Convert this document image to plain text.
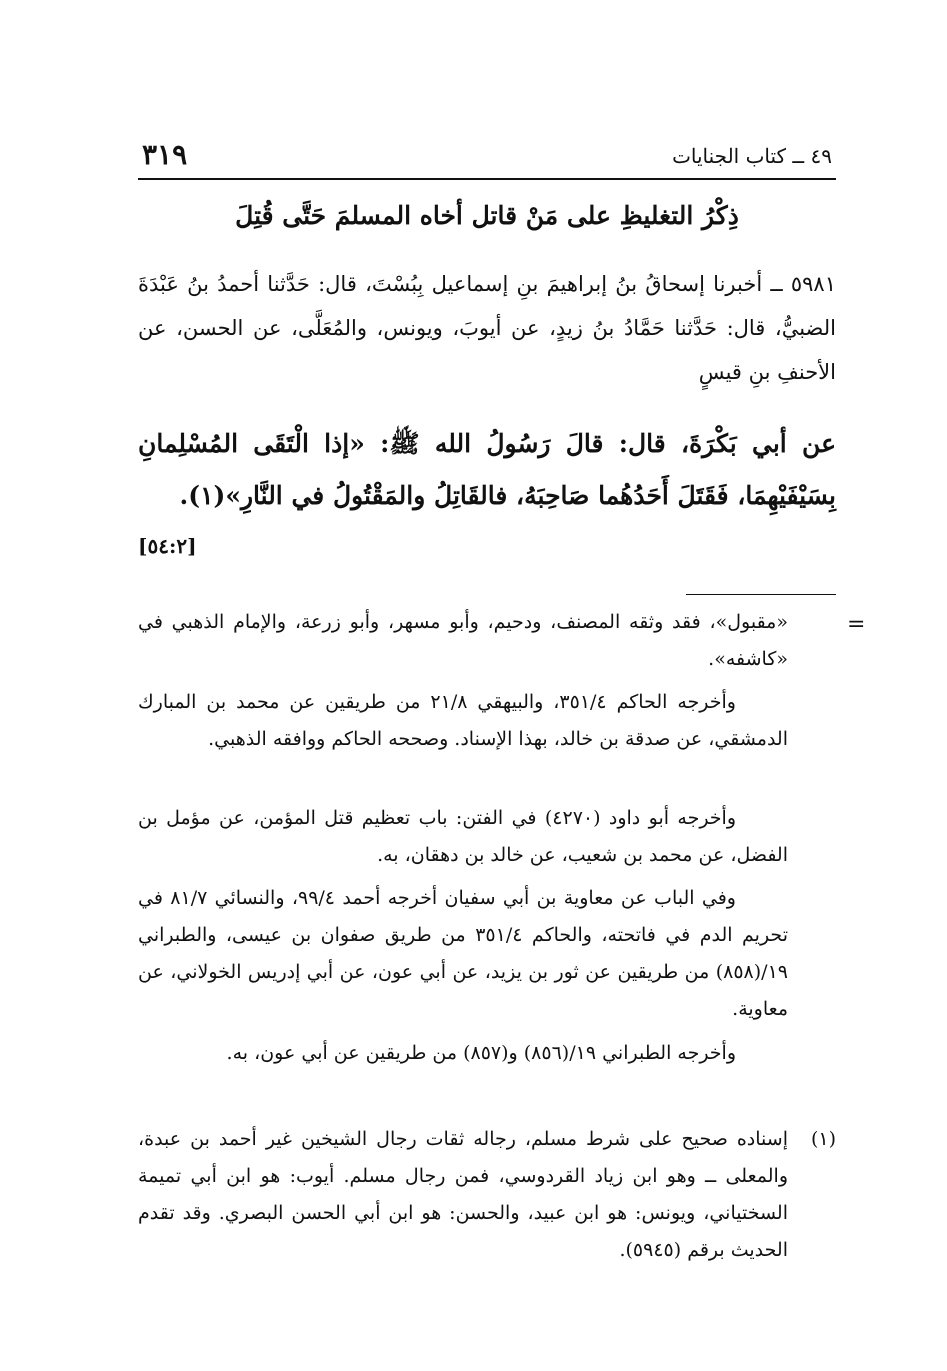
٣١٩	٤٩ ــ كتاب الجنايات
ذِكْرُ التغليظِ على مَنْ قاتل أخاه المسلمَ حَتَّى قُتِلَ
٥٩٨١ ــ أخبرنا إسحاقُ بنُ إبراهيمَ بنِ إسماعيل بِبُسْتَ، قال: حَدَّثنا أحمدُ بنُ عَبْدَةَ الضبيُّ، قال: حَدَّثنا حَمَّادُ بنُ زيدٍ، عن أيوبَ، ويونس، والمُعَلَّى، عن الحسن، عن الأحنفِ بنِ قيسٍ
عن أبي بَكْرَةَ، قال: قالَ رَسُولُ الله ﷺ: «إذا الْتَقَى المُسْلِمانِ بِسَيْفَيْهِمَا، فَقَتَلَ أَحَدُهُما صَاحِبَهُ، فالقَاتِلُ والمَقْتُولُ في النَّارِ»(١).
[٥٤:٢]
=
«مقبول»، فقد وثقه المصنف، ودحيم، وأبو مسهر، وأبو زرعة، والإمام الذهبي في «كاشفه».
وأخرجه الحاكم ٣٥١/٤، والبيهقي ٢١/٨ من طريقين عن محمد بن المبارك الدمشقي، عن صدقة بن خالد، بهذا الإسناد. وصححه الحاكم ووافقه الذهبي.
وأخرجه أبو داود (٤٢٧٠) في الفتن: باب تعظيم قتل المؤمن، عن مؤمل بن الفضل، عن محمد بن شعيب، عن خالد بن دهقان، به.
وفي الباب عن معاوية بن أبي سفيان أخرجه أحمد ٩٩/٤، والنسائي ٨١/٧ في تحريم الدم في فاتحته، والحاكم ٣٥١/٤ من طريق صفوان بن عيسى، والطبراني ١٩/(٨٥٨) من طريقين عن ثور بن يزيد، عن أبي عون، عن أبي إدريس الخولاني، عن معاوية.
وأخرجه الطبراني ١٩/(٨٥٦) و(٨٥٧) من طريقين عن أبي عون، به.
(١)
إسناده صحيح على شرط مسلم، رجاله ثقات رجال الشيخين غير أحمد بن عبدة، والمعلى ــ وهو ابن زياد القردوسي، فمن رجال مسلم. أيوب: هو ابن أبي تميمة السختياني، ويونس: هو ابن عبيد، والحسن: هو ابن أبي الحسن البصري. وقد تقدم الحديث برقم (٥٩٤٥).
